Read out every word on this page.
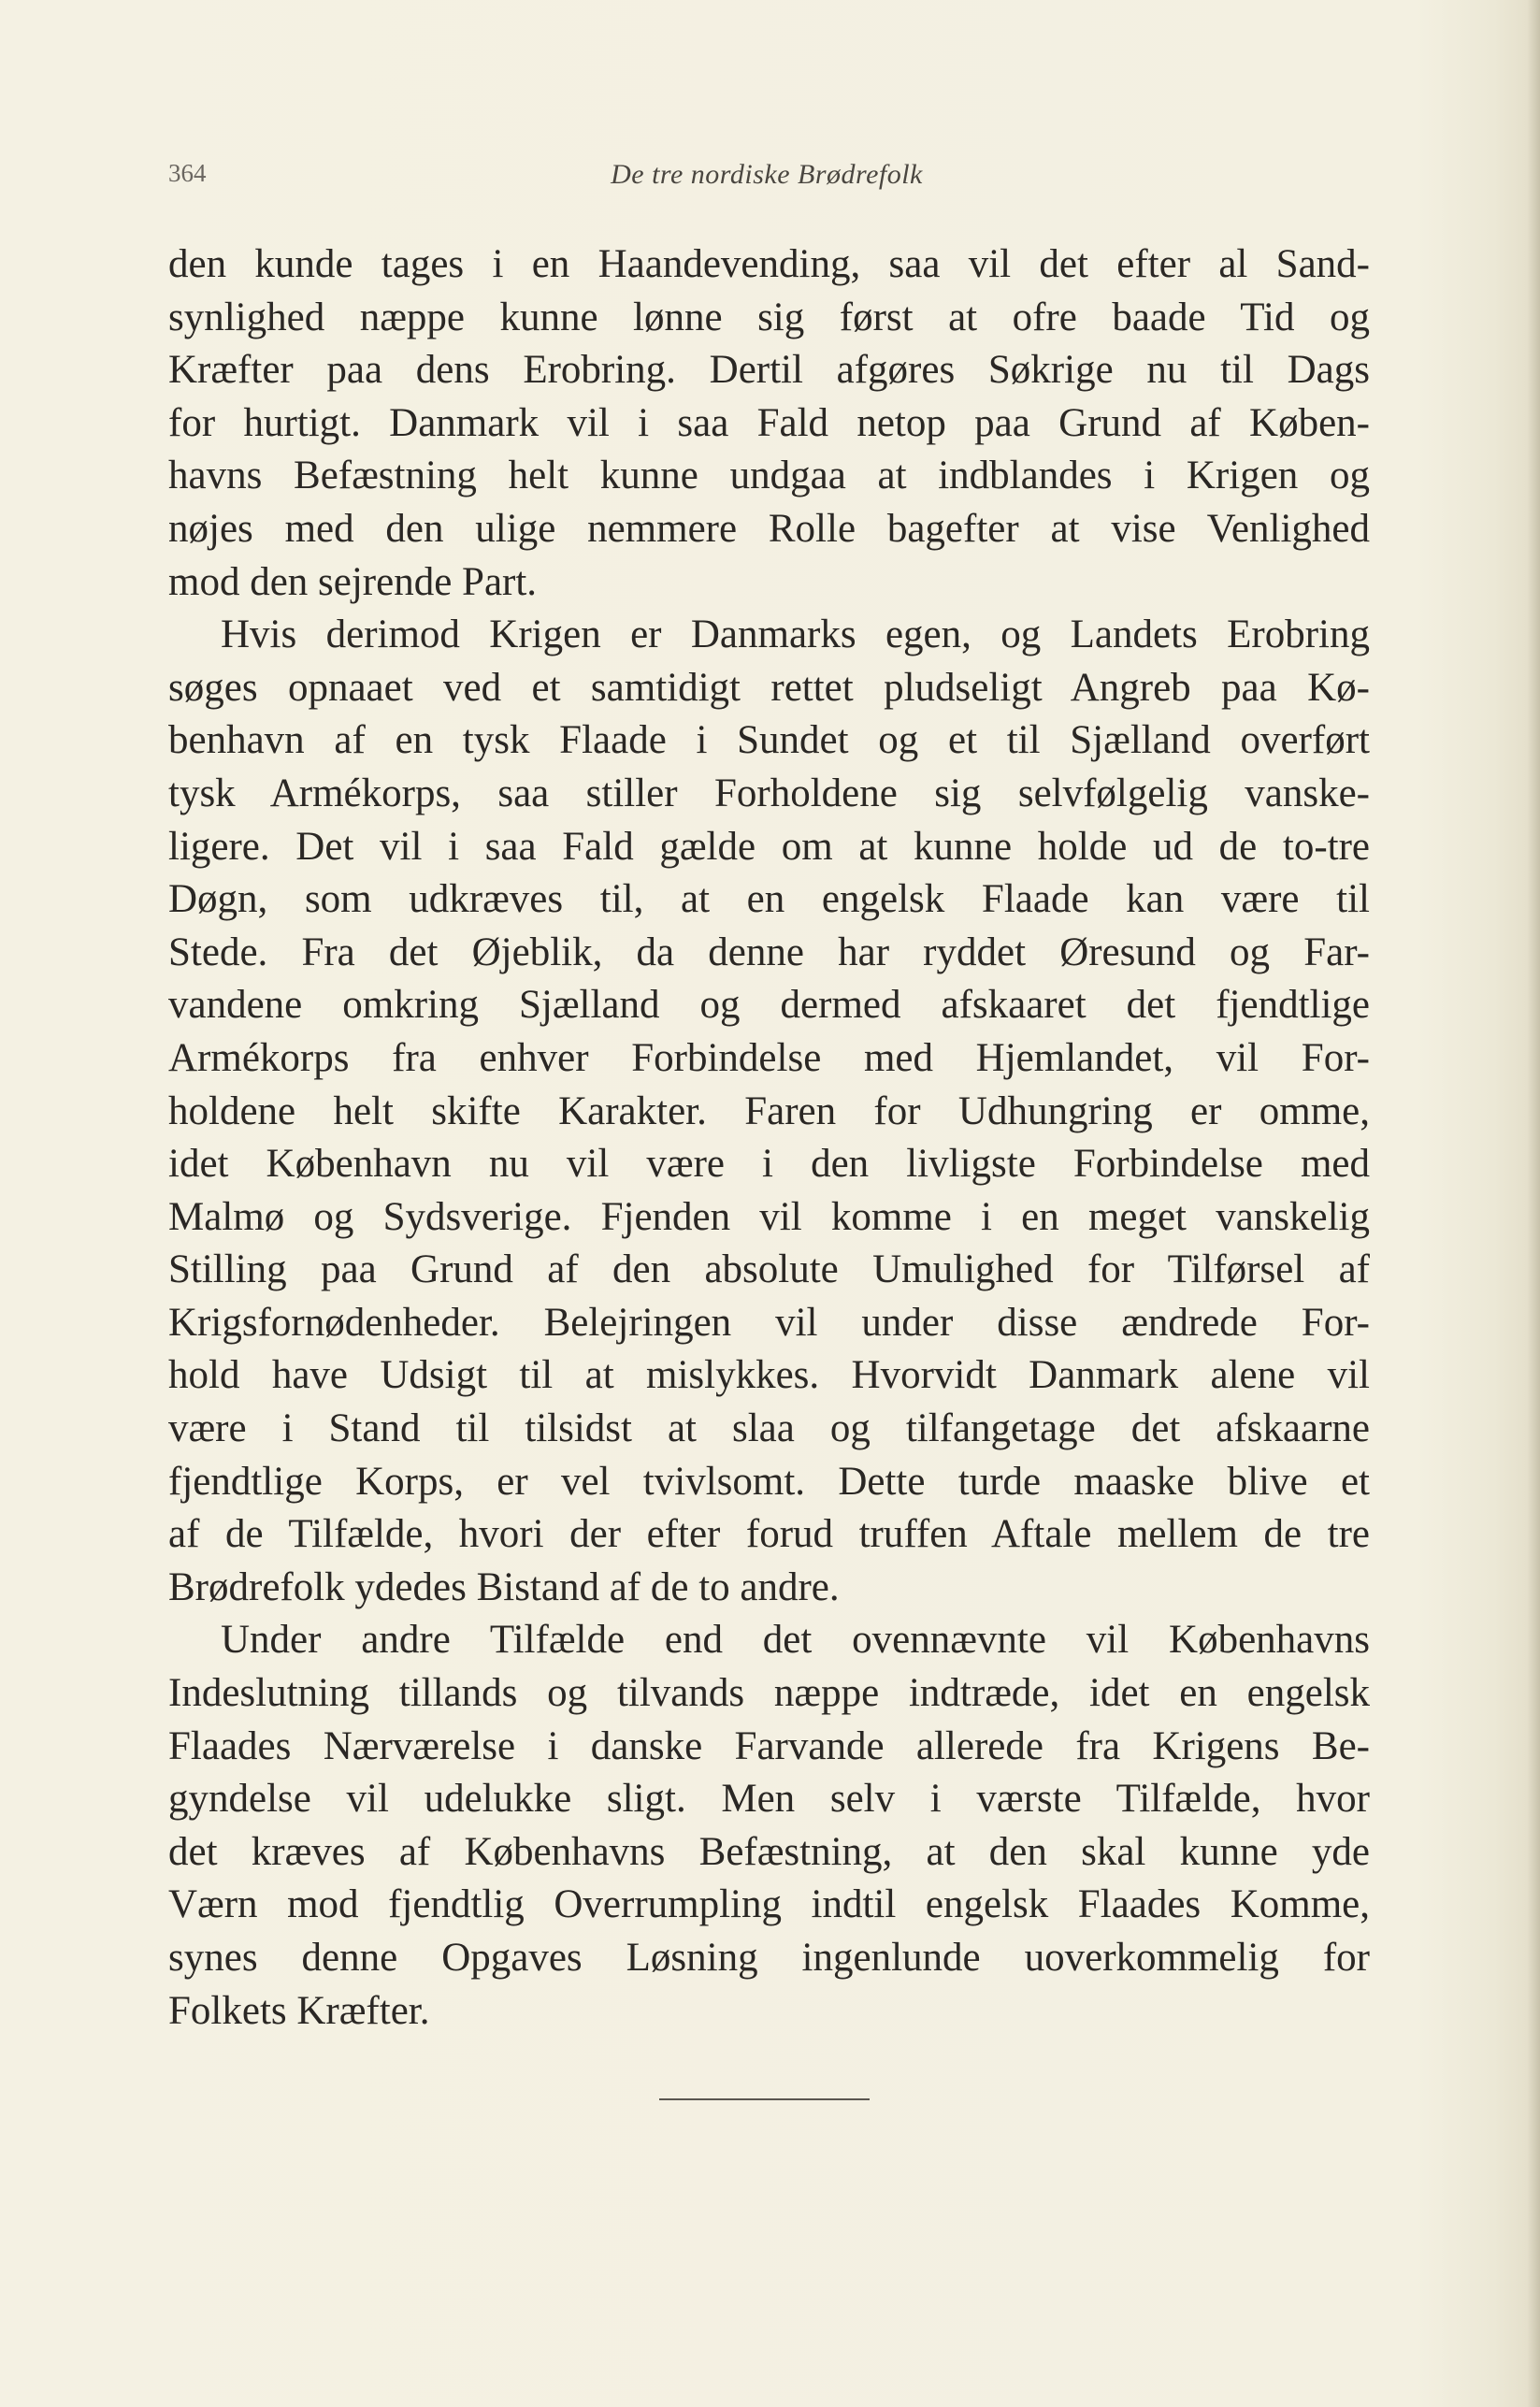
364	De tre nordiske Brødrefolk
den kunde tages i en Haandevending, saa vil det efter al Sand-
synlighed næppe kunne lønne sig først at ofre baade Tid og
Kræfter paa dens Erobring. Dertil afgøres Søkrige nu til Dags
for hurtigt. Danmark vil i saa Fald netop paa Grund af Køben-
havns Befæstning helt kunne undgaa at indblandes i Krigen og
nøjes med den ulige nemmere Rolle bagefter at vise Venlighed
mod den sejrende Part.
Hvis derimod Krigen er Danmarks egen, og Landets Erobring
søges opnaaet ved et samtidigt rettet pludseligt Angreb paa Kø-
benhavn af en tysk Flaade i Sundet og et til Sjælland overført
tysk Armékorps, saa stiller Forholdene sig selvfølgelig vanske-
ligere. Det vil i saa Fald gælde om at kunne holde ud de to-tre
Døgn, som udkræves til, at en engelsk Flaade kan være til
Stede. Fra det Øjeblik, da denne har ryddet Øresund og Far-
vandene omkring Sjælland og dermed afskaaret det fjendtlige
Armékorps fra enhver Forbindelse med Hjemlandet, vil For-
holdene helt skifte Karakter. Faren for Udhungring er omme,
idet København nu vil være i den livligste Forbindelse med
Malmø og Sydsverige. Fjenden vil komme i en meget vanskelig
Stilling paa Grund af den absolute Umulighed for Tilførsel af
Krigsfornødenheder. Belejringen vil under disse ændrede For-
hold have Udsigt til at mislykkes. Hvorvidt Danmark alene vil
være i Stand til tilsidst at slaa og tilfangetage det afskaarne
fjendtlige Korps, er vel tvivlsomt. Dette turde maaske blive et
af de Tilfælde, hvori der efter forud truffen Aftale mellem de tre
Brødrefolk ydedes Bistand af de to andre.
Under andre Tilfælde end det ovennævnte vil Københavns
Indeslutning tillands og tilvands næppe indtræde, idet en engelsk
Flaades Nærværelse i danske Farvande allerede fra Krigens Be-
gyndelse vil udelukke sligt. Men selv i værste Tilfælde, hvor
det kræves af Københavns Befæstning, at den skal kunne yde
Værn mod fjendtlig Overrumpling indtil engelsk Flaades Komme,
synes denne Opgaves Løsning ingenlunde uoverkommelig for
Folkets Kræfter.
